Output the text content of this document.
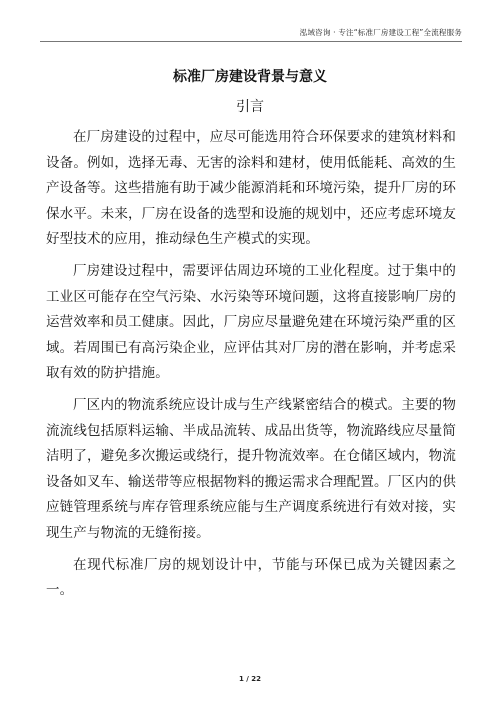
泓域咨询 · 专注“标准厂房建设工程”全流程服务
标准厂房建设背景与意义
引言

在厂房建设的过程中，应尽可能选用符合环保要求的建筑材料和设备。例如，选择无毒、无害的涂料和建材，使用低能耗、高效的生产设备等。这些措施有助于减少能源消耗和环境污染，提升厂房的环保水平。未来，厂房在设备的选型和设施的规划中，还应考虑环境友好型技术的应用，推动绿色生产模式的实现。

厂房建设过程中，需要评估周边环境的工业化程度。过于集中的工业区可能存在空气污染、水污染等环境问题，这将直接影响厂房的运营效率和员工健康。因此，厂房应尽量避免建在环境污染严重的区域。若周围已有高污染企业，应评估其对厂房的潜在影响，并考虑采取有效的防护措施。

厂区内的物流系统应设计成与生产线紧密结合的模式。主要的物流流线包括原料运输、半成品流转、成品出货等，物流路线应尽量简洁明了，避免多次搬运或绕行，提升物流效率。在仓储区域内，物流设备如叉车、输送带等应根据物料的搬运需求合理配置。厂区内的供应链管理系统与库存管理系统应能与生产调度系统进行有效对接，实现生产与物流的无缝衔接。

在现代标准厂房的规划设计中，节能与环保已成为关键因素之一。

1 / 22
